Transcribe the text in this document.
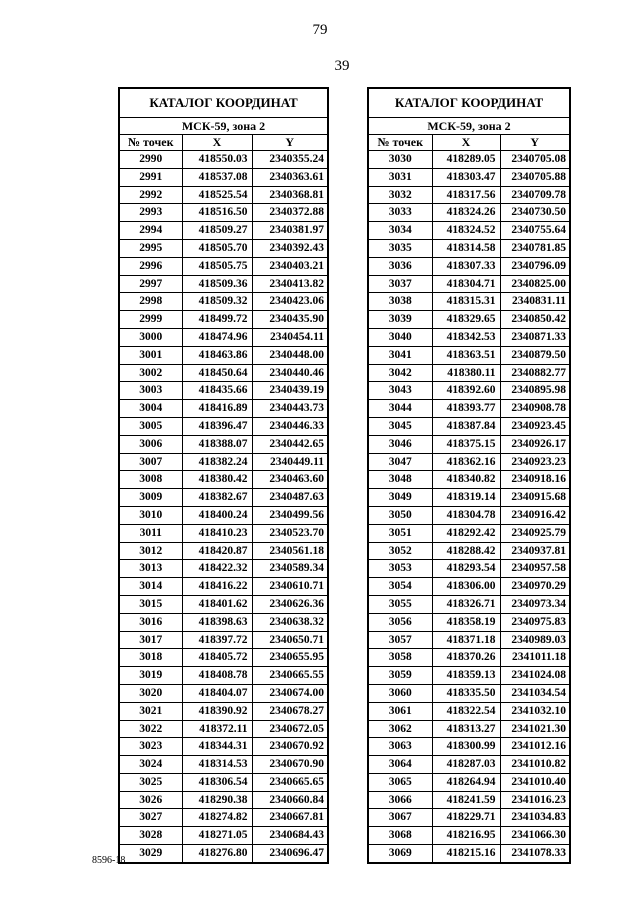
79
39
КАТАЛОГ КООРДИНАТ		
МСК-59, зона 2		
№ точек	X	Y
2990	418550.03	2340355.24
2991	418537.08	2340363.61
2992	418525.54	2340368.81
2993	418516.50	2340372.88
2994	418509.27	2340381.97
2995	418505.70	2340392.43
2996	418505.75	2340403.21
2997	418509.36	2340413.82
2998	418509.32	2340423.06
2999	418499.72	2340435.90
3000	418474.96	2340454.11
3001	418463.86	2340448.00
3002	418450.64	2340440.46
3003	418435.66	2340439.19
3004	418416.89	2340443.73
3005	418396.47	2340446.33
3006	418388.07	2340442.65
3007	418382.24	2340449.11
3008	418380.42	2340463.60
3009	418382.67	2340487.63
3010	418400.24	2340499.56
3011	418410.23	2340523.70
3012	418420.87	2340561.18
3013	418422.32	2340589.34
3014	418416.22	2340610.71
3015	418401.62	2340626.36
3016	418398.63	2340638.32
3017	418397.72	2340650.71
3018	418405.72	2340655.95
3019	418408.78	2340665.55
3020	418404.07	2340674.00
3021	418390.92	2340678.27
3022	418372.11	2340672.05
3023	418344.31	2340670.92
3024	418314.53	2340670.90
3025	418306.54	2340665.65
3026	418290.38	2340660.84
3027	418274.82	2340667.81
3028	418271.05	2340684.43
3029	418276.80	2340696.47
КАТАЛОГ КООРДИНАТ		
МСК-59, зона 2		
№ точек	X	Y
3030	418289.05	2340705.08
3031	418303.47	2340705.88
3032	418317.56	2340709.78
3033	418324.26	2340730.50
3034	418324.52	2340755.64
3035	418314.58	2340781.85
3036	418307.33	2340796.09
3037	418304.71	2340825.00
3038	418315.31	2340831.11
3039	418329.65	2340850.42
3040	418342.53	2340871.33
3041	418363.51	2340879.50
3042	418380.11	2340882.77
3043	418392.60	2340895.98
3044	418393.77	2340908.78
3045	418387.84	2340923.45
3046	418375.15	2340926.17
3047	418362.16	2340923.23
3048	418340.82	2340918.16
3049	418319.14	2340915.68
3050	418304.78	2340916.42
3051	418292.42	2340925.79
3052	418288.42	2340937.81
3053	418293.54	2340957.58
3054	418306.00	2340970.29
3055	418326.71	2340973.34
3056	418358.19	2340975.83
3057	418371.18	2340989.03
3058	418370.26	2341011.18
3059	418359.13	2341024.08
3060	418335.50	2341034.54
3061	418322.54	2341032.10
3062	418313.27	2341021.30
3063	418300.99	2341012.16
3064	418287.03	2341010.82
3065	418264.94	2341010.40
3066	418241.59	2341016.23
3067	418229.71	2341034.83
3068	418216.95	2341066.30
3069	418215.16	2341078.33
8596-18
